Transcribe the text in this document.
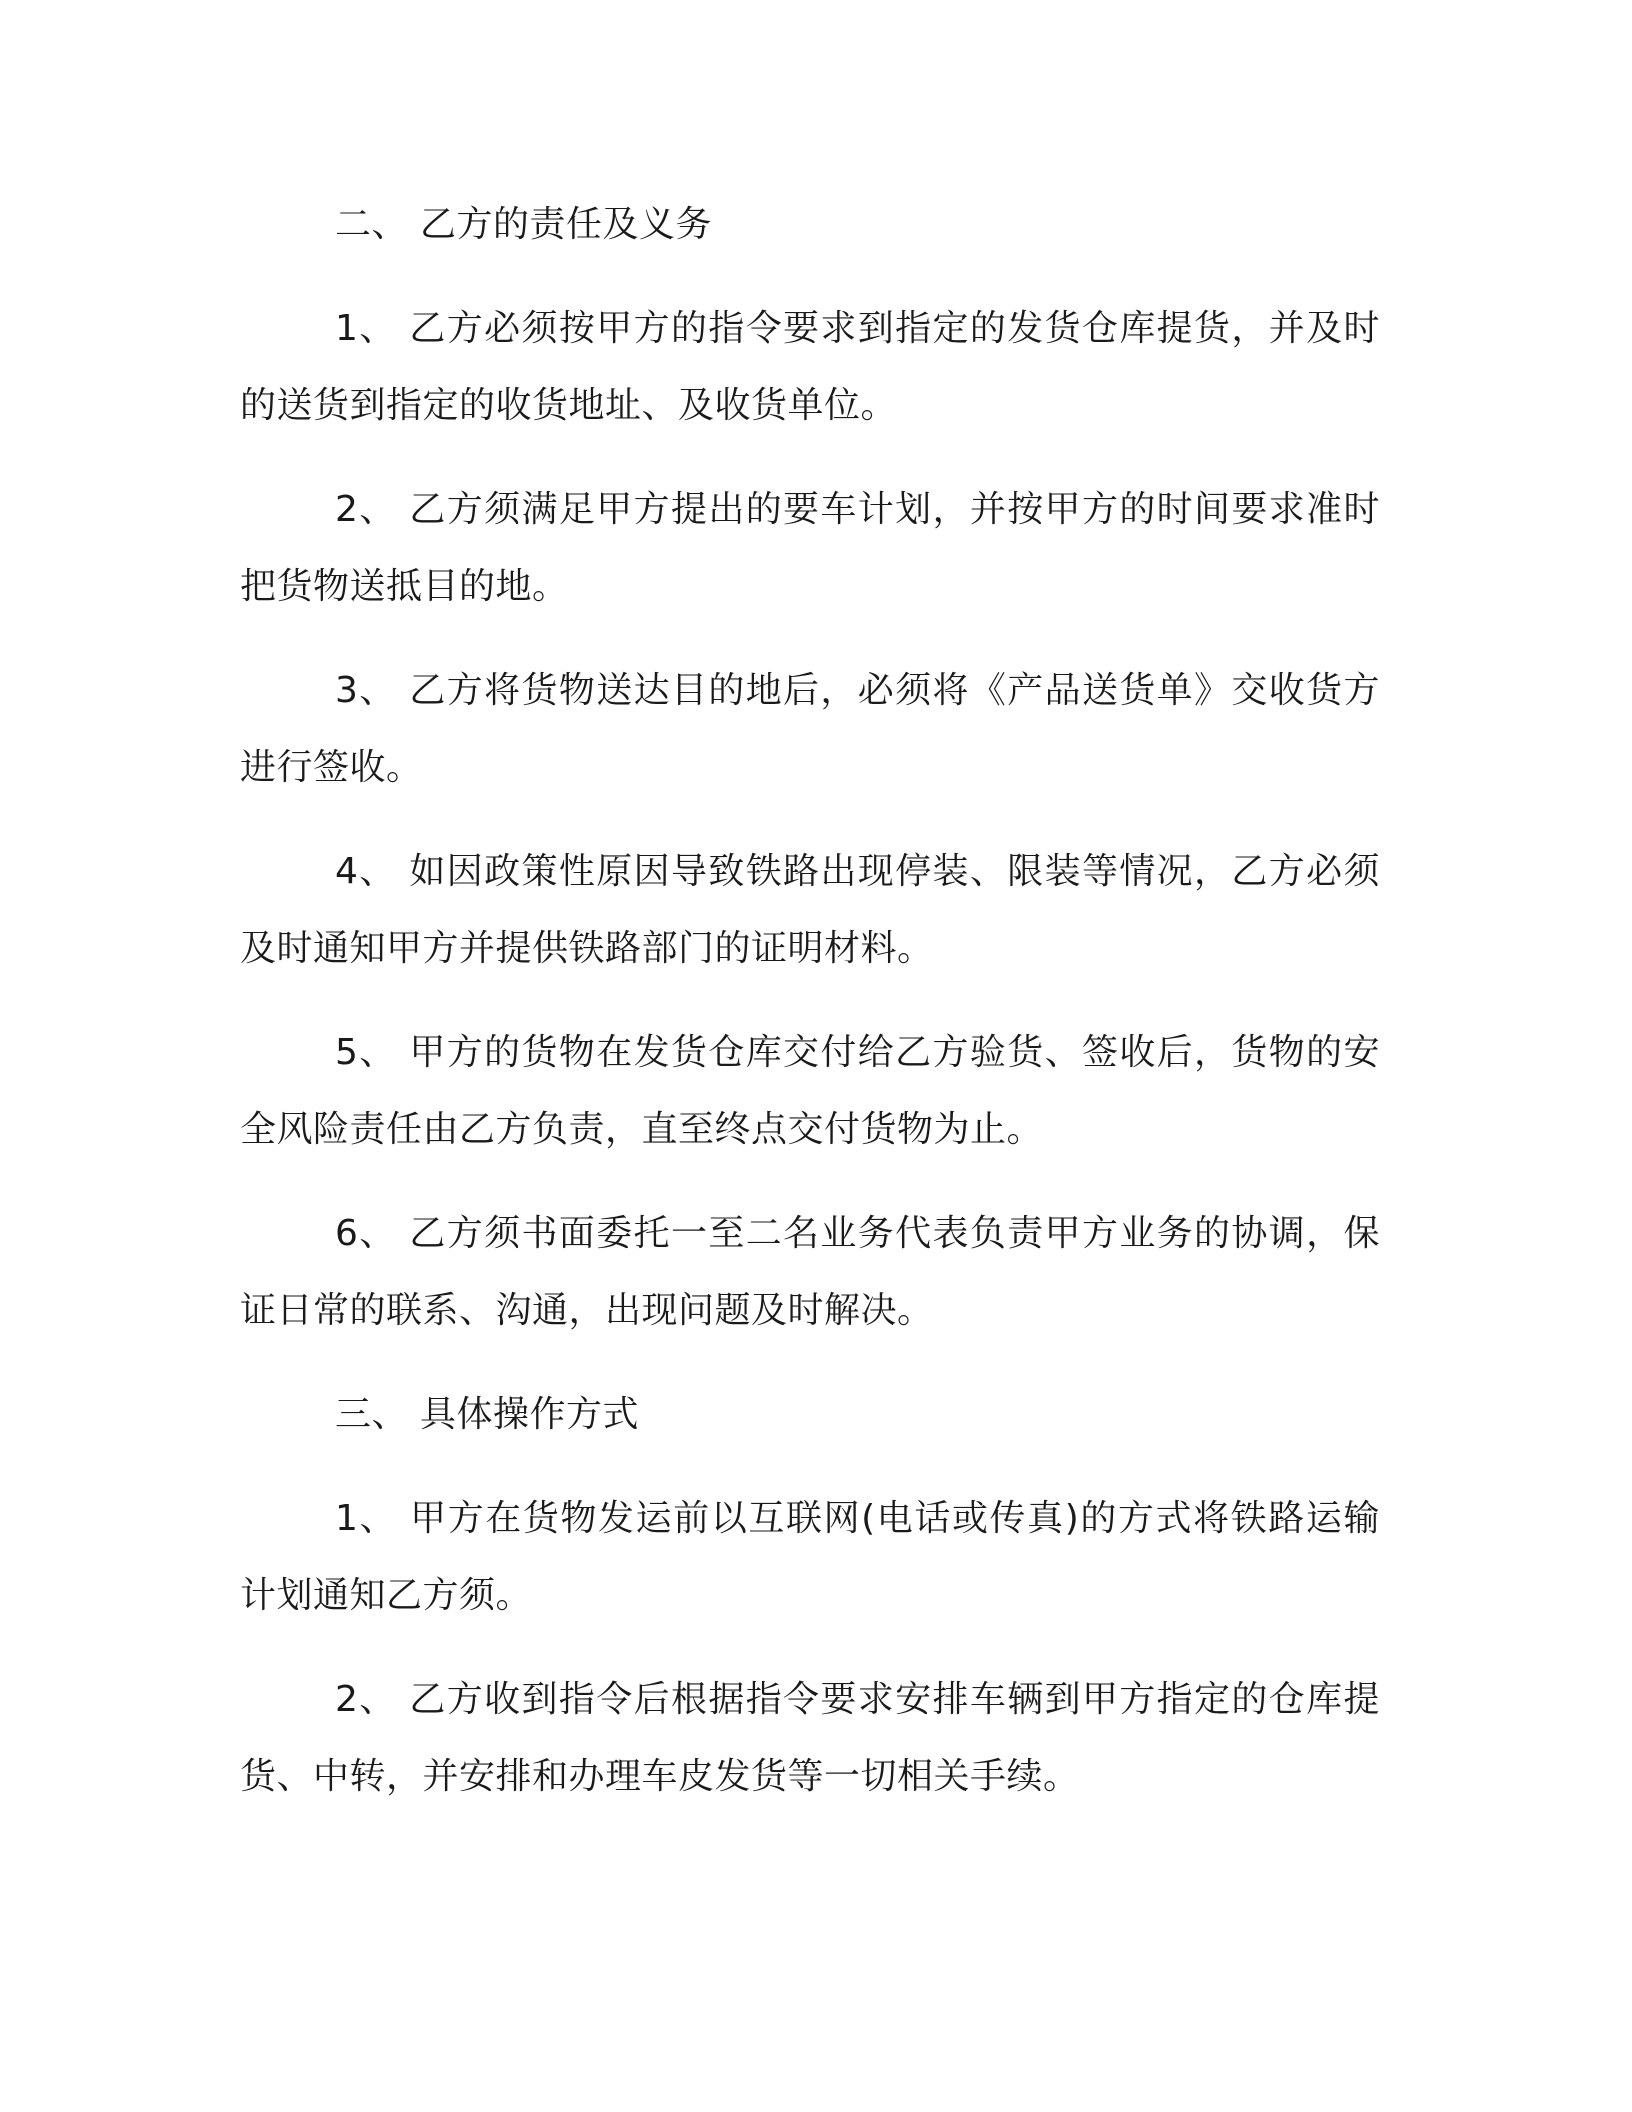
二、 乙方的责任及义务

1、 乙方必须按甲方的指令要求到指定的发货仓库提货，并及时的送货到指定的收货地址、及收货单位。

2、 乙方须满足甲方提出的要车计划，并按甲方的时间要求准时把货物送抵目的地。

3、 乙方将货物送达目的地后，必须将《产品送货单》交收货方进行签收。

4、 如因政策性原因导致铁路出现停装、限装等情况，乙方必须及时通知甲方并提供铁路部门的证明材料。

5、 甲方的货物在发货仓库交付给乙方验货、签收后，货物的安全风险责任由乙方负责，直至终点交付货物为止。

6、 乙方须书面委托一至二名业务代表负责甲方业务的协调，保证日常的联系、沟通，出现问题及时解决。

三、 具体操作方式

1、 甲方在货物发运前以互联网(电话或传真)的方式将铁路运输计划通知乙方须。

2、 乙方收到指令后根据指令要求安排车辆到甲方指定的仓库提货、中转，并安排和办理车皮发货等一切相关手续。
